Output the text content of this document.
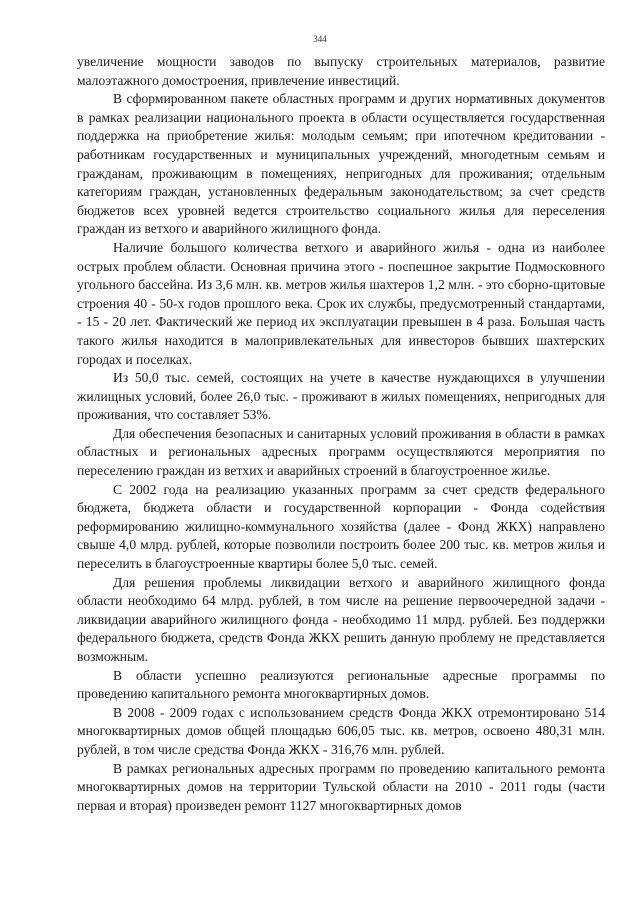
344

увеличение мощности заводов по выпуску строительных материалов, развитие малоэтажного домостроения, привлечение инвестиций.

В сформированном пакете областных программ и других нормативных документов в рамках реализации национального проекта в области осуществляется государственная поддержка на приобретение жилья: молодым семьям; при ипотечном кредитовании - работникам государственных и муниципальных учреждений, многодетным семьям и гражданам, проживающим в помещениях, непригодных для проживания; отдельным категориям граждан, установленных федеральным законодательством; за счет средств бюджетов всех уровней ведется строительство социального жилья для переселения граждан из ветхого и аварийного жилищного фонда.

Наличие большого количества ветхого и аварийного жилья - одна из наиболее острых проблем области. Основная причина этого - поспешное закрытие Подмосковного угольного бассейна. Из 3,6 млн. кв. метров жилья шахтеров 1,2 млн. - это сборно-щитовые строения 40 - 50-х годов прошлого века. Срок их службы, предусмотренный стандартами, - 15 - 20 лет. Фактический же период их эксплуатации превышен в 4 раза. Большая часть такого жилья находится в малопривлекательных для инвесторов бывших шахтерских городах и поселках.

Из 50,0 тыс. семей, состоящих на учете в качестве нуждающихся в улучшении жилищных условий, более 26,0 тыс. - проживают в жилых помещениях, непригодных для проживания, что составляет 53%.

Для обеспечения безопасных и санитарных условий проживания в области в рамках областных и региональных адресных программ осуществляются мероприятия по переселению граждан из ветхих и аварийных строений в благоустроенное жилье.

С 2002 года на реализацию указанных программ за счет средств федерального бюджета, бюджета области и государственной корпорации - Фонда содействия реформированию жилищно-коммунального хозяйства (далее - Фонд ЖКХ) направлено свыше 4,0 млрд. рублей, которые позволили построить более 200 тыс. кв. метров жилья и переселить в благоустроенные квартиры более 5,0 тыс. семей.

Для решения проблемы ликвидации ветхого и аварийного жилищного фонда области необходимо 64 млрд. рублей, в том числе на решение первоочередной задачи - ликвидации аварийного жилищного фонда - необходимо 11 млрд. рублей. Без поддержки федерального бюджета, средств Фонда ЖКХ решить данную проблему не представляется возможным.

В области успешно реализуются региональные адресные программы по проведению капитального ремонта многоквартирных домов.

В 2008 - 2009 годах с использованием средств Фонда ЖКХ отремонтировано 514 многоквартирных домов общей площадью 606,05 тыс. кв. метров, освоено 480,31 млн. рублей, в том числе средства Фонда ЖКХ - 316,76 млн. рублей.

В рамках региональных адресных программ по проведению капитального ремонта многоквартирных домов на территории Тульской области на 2010 - 2011 годы (части первая и вторая) произведен ремонт 1127 многоквартирных домов
